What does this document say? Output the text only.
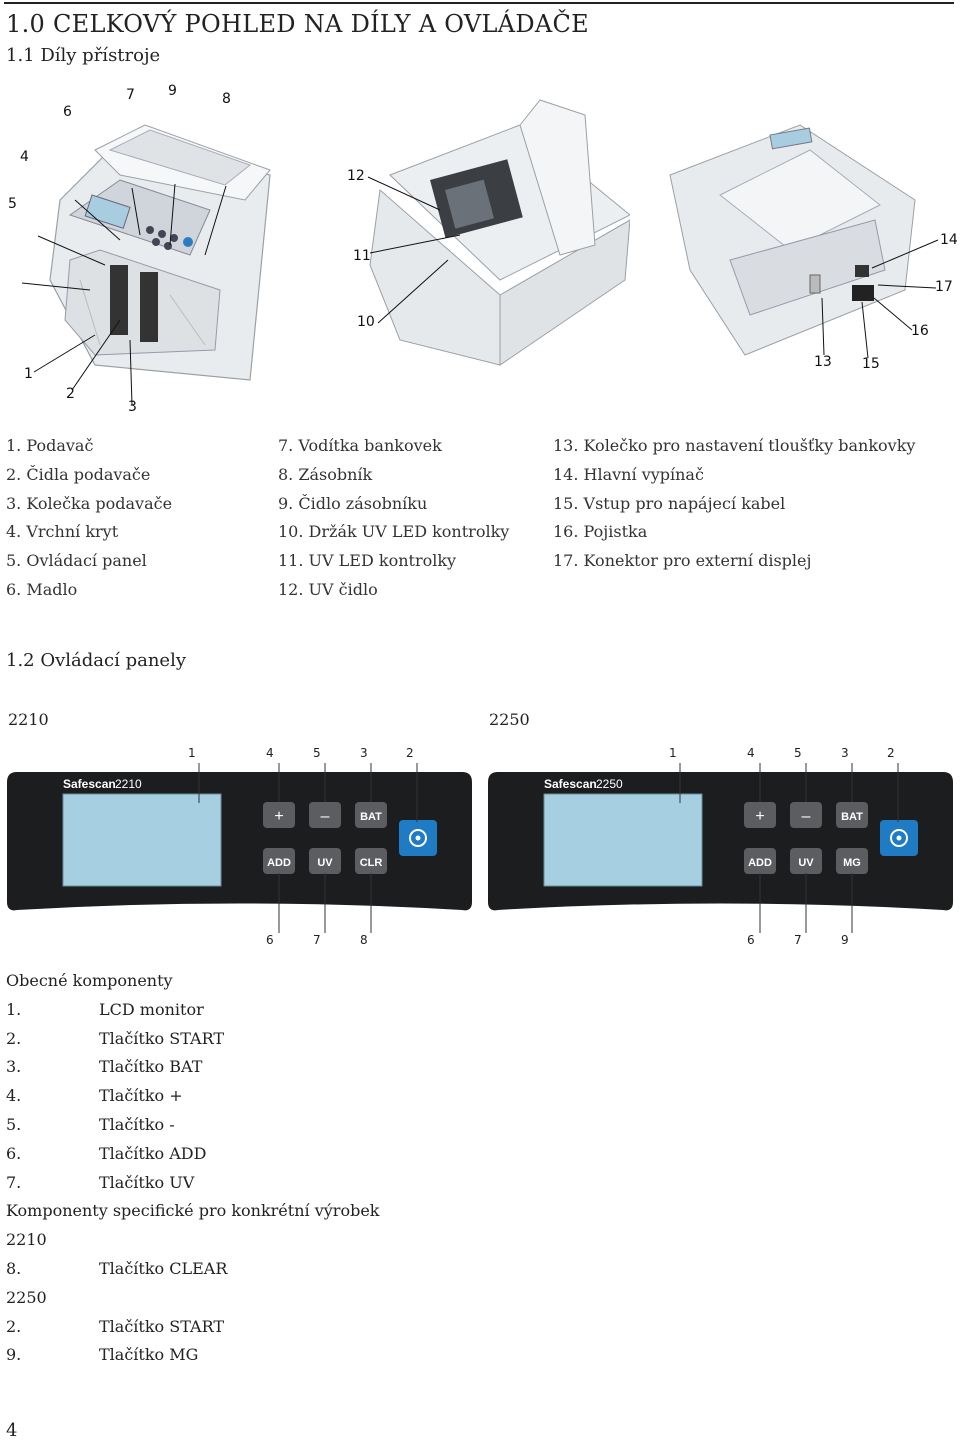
1.0 CELKOVÝ POHLED NA DÍLY A OVLÁDAČE
1.1 Díly přístroje
6
7 9	8
4
5
1
2
3
12
11
10
14
17
16
13 15
1. Podavač
2. Čidla podavače
3. Kolečka podavače
4. Vrchní kryt
5. Ovládací panel
6. Madlo
7. Vodítka bankovek
8. Zásobník
9. Čidlo zásobníku
10. Držák UV LED kontrolky
11. UV LED kontrolky
12. UV čidlo
13. Kolečko pro nastavení tloušťky bankovky
14. Hlavní vypínač
15. Vstup pro napájecí kabel
16. Pojistka
17. Konektor pro externí displej
1.2 Ovládací panely
2210
1	4	5	3	2
Safescan 2210
+ –	BAT
ADD UV CLR
6	7	8
2250
1	4	5	3	2
Safescan 2250
+ –	BAT
ADD UV	MG
6	7	9
Obecné komponenty
1.	LCD monitor
2.	Tlačítko START
3.	Tlačítko BAT
4.	Tlačítko +
5.	Tlačítko -
6.	Tlačítko ADD
7.	Tlačítko UV
Komponenty specifické pro konkrétní výrobek
2210
8.	Tlačítko CLEAR
2250
2.	Tlačítko START
9.	Tlačítko MG
4
